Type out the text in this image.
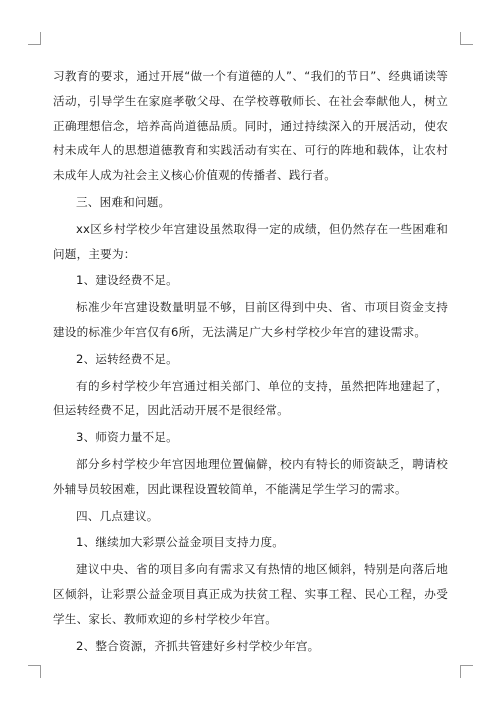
习教育的要求，通过开展“做一个有道德的人”、“我们的节日”、经典诵读等活动，引导学生在家庭孝敬父母、在学校尊敬师长、在社会奉献他人，树立正确理想信念，培养高尚道德品质。同时，通过持续深入的开展活动，使农村未成年人的思想道德教育和实践活动有实在、可行的阵地和载体，让农村未成年人成为社会主义核心价值观的传播者、践行者。

三、困难和问题。

xx区乡村学校少年宫建设虽然取得一定的成绩，但仍然存在一些困难和问题，主要为：

1、建设经费不足。

标准少年宫建设数量明显不够，目前区得到中央、省、市项目资金支持建设的标准少年宫仅有6所，无法满足广大乡村学校少年宫的建设需求。

2、运转经费不足。

有的乡村学校少年宫通过相关部门、单位的支持，虽然把阵地建起了，但运转经费不足，因此活动开展不是很经常。

3、师资力量不足。

部分乡村学校少年宫因地理位置偏僻，校内有特长的师资缺乏，聘请校外辅导员较困难，因此课程设置较简单，不能满足学生学习的需求。

四、几点建议。

1、继续加大彩票公益金项目支持力度。

建议中央、省的项目多向有需求又有热情的地区倾斜，特别是向落后地区倾斜，让彩票公益金项目真正成为扶贫工程、实事工程、民心工程，办受学生、家长、教师欢迎的乡村学校少年宫。

2、整合资源，齐抓共管建好乡村学校少年宫。
